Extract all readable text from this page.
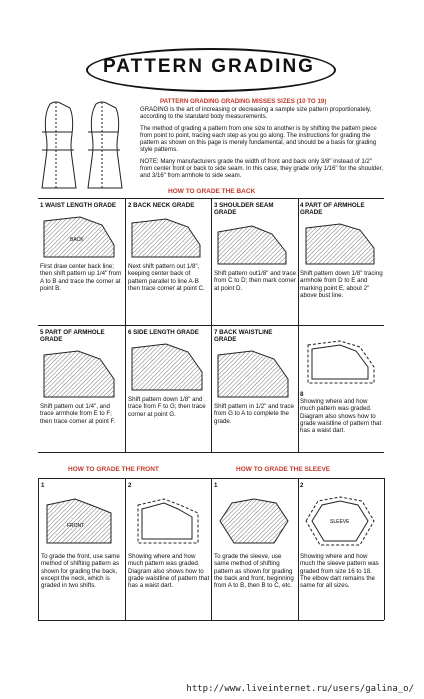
PATTERN GRADING
PATTERN GRADING GRADING MISSES SIZES (10 TO 19)

GRADING is the art of increasing or decreasing a sample size pattern proportionately, according to the standard body measurements.

The method of grading a pattern from one size to another is by shifting the pattern piece from point to point, tracing each step as you go along. The instructions for grading the pattern as shown on this page is merely fundamental, and should be a basis for grading style patterns.

NOTE: Many manufacturers grade the width of front and back only 3/8" instead of 1/2" from center front or back to side seam. In this case, they grade only 1/16" for the shoulder, and 3/16" from armhole to side seam.

HOW TO GRADE THE BACK
1 WAIST LENGTH GRADE
BACK
First draw center back line; then shift pattern up 1/4" from A to B and trace the corner at point B.
2 BACK NECK GRADE
Next shift pattern out 1/8", keeping center back of pattern parallel to line A-B then trace corner at point C.
3 SHOULDER SEAM GRADE
Shift pattern out1/8" and trace from C to D; then mark corner at point D.
4 PART OF ARMHOLE GRADE
Shift pattern down 1/8" tracing armhole from D to E and marking point E, about 2" above bust line.
5 PART OF ARMHOLE GRADE
Shift pattern out 1/4", and trace armhole from E to F; then trace corner at point F.
6 SIDE LENGTH GRADE
Shift pattern down 1/8" and trace from F to G; then trace corner at point G.
7 BACK WAISTLINE GRADE
Shift pattern in 1/2" and trace from G to A to complete the grade.
8
Showing where and how much pattern was graded. Diagram also shows how to grade waistline of pattern that has a waist dart.
HOW TO GRADE THE FRONT	HOW TO GRADE THE SLEEVE
1
FRONT
To grade the front, use same method of shifting pattern as shown for grading the back, except the neck, which is graded in two shifts.
2
Showing where and how much pattern was graded. Diagram also shows how to grade waistline of pattern that has a waist dart.
1
To grade the sleeve, use same method of shifting pattern as shown for grading the back and front, beginning from A to B, then B to C, etc.
2
SLEEVE
Showing where and how much the sleeve pattern was graded from size 16 to 18. The elbow dart remains the same for all sizes.
http://www.liveinternet.ru/users/galina_o/
